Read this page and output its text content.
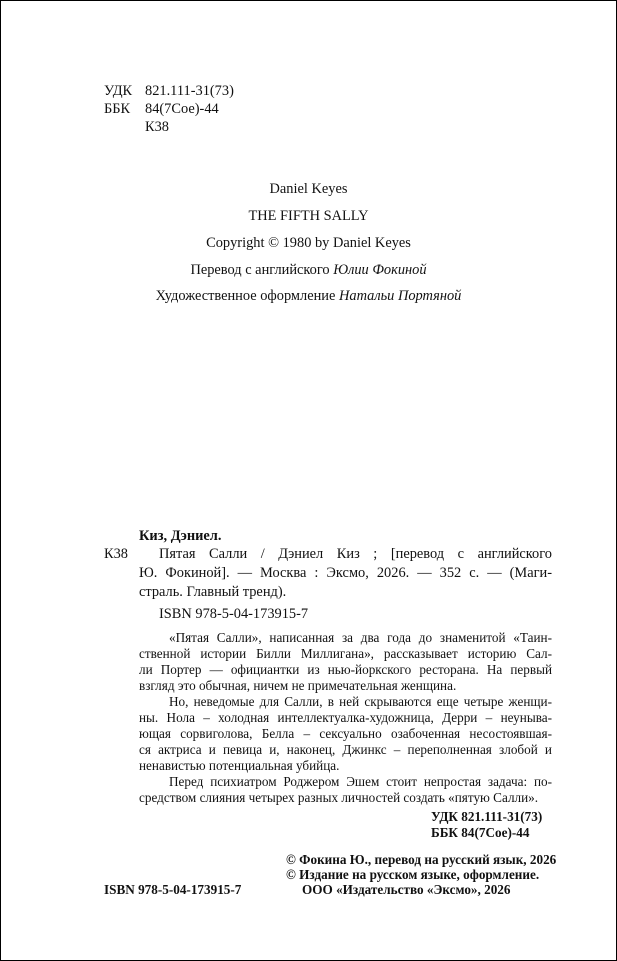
УДК 821.111-31(73)
ББК 84(7Сое)-44
К38
Daniel Keyes
THE FIFTH SALLY
Copyright © 1980 by Daniel Keyes
Перевод с английского Юлии Фокиной
Художественное оформление Натальи Портяной
Киз, Дэниел.
К38	Пятая Салли / Дэниел Киз ; [перевод с английского
Ю. Фокиной]. — Москва : Эксмо, 2026. — 352 с. — (Маги-
страль. Главный тренд).
ISBN 978-5-04-173915-7
«Пятая Салли», написанная за два года до знаменитой «Таин-
ственной истории Билли Миллигана», рассказывает историю Сал-
ли Портер — официантки из нью-йоркского ресторана. На первый
взгляд это обычная, ничем не примечательная женщина.
Но, неведомые для Салли, в ней скрываются еще четыре женщи-
ны. Нола – холодная интеллектуалка-художница, Дерри – неуныва-
ющая сорвиголова, Белла – сексуально озабоченная несостоявшая-
ся актриса и певица и, наконец, Джинкс – переполненная злобой и
ненавистью потенциальная убийца.
Перед психиатром Роджером Эшем стоит непростая задача: по-
средством слияния четырех разных личностей создать «пятую Салли».
УДК 821.111-31(73)
ББК 84(7Сое)-44
© Фокина Ю., перевод на русский язык, 2026
© Издание на русском языке, оформление.
ООО «Издательство «Эксмо», 2026
ISBN 978-5-04-173915-7
